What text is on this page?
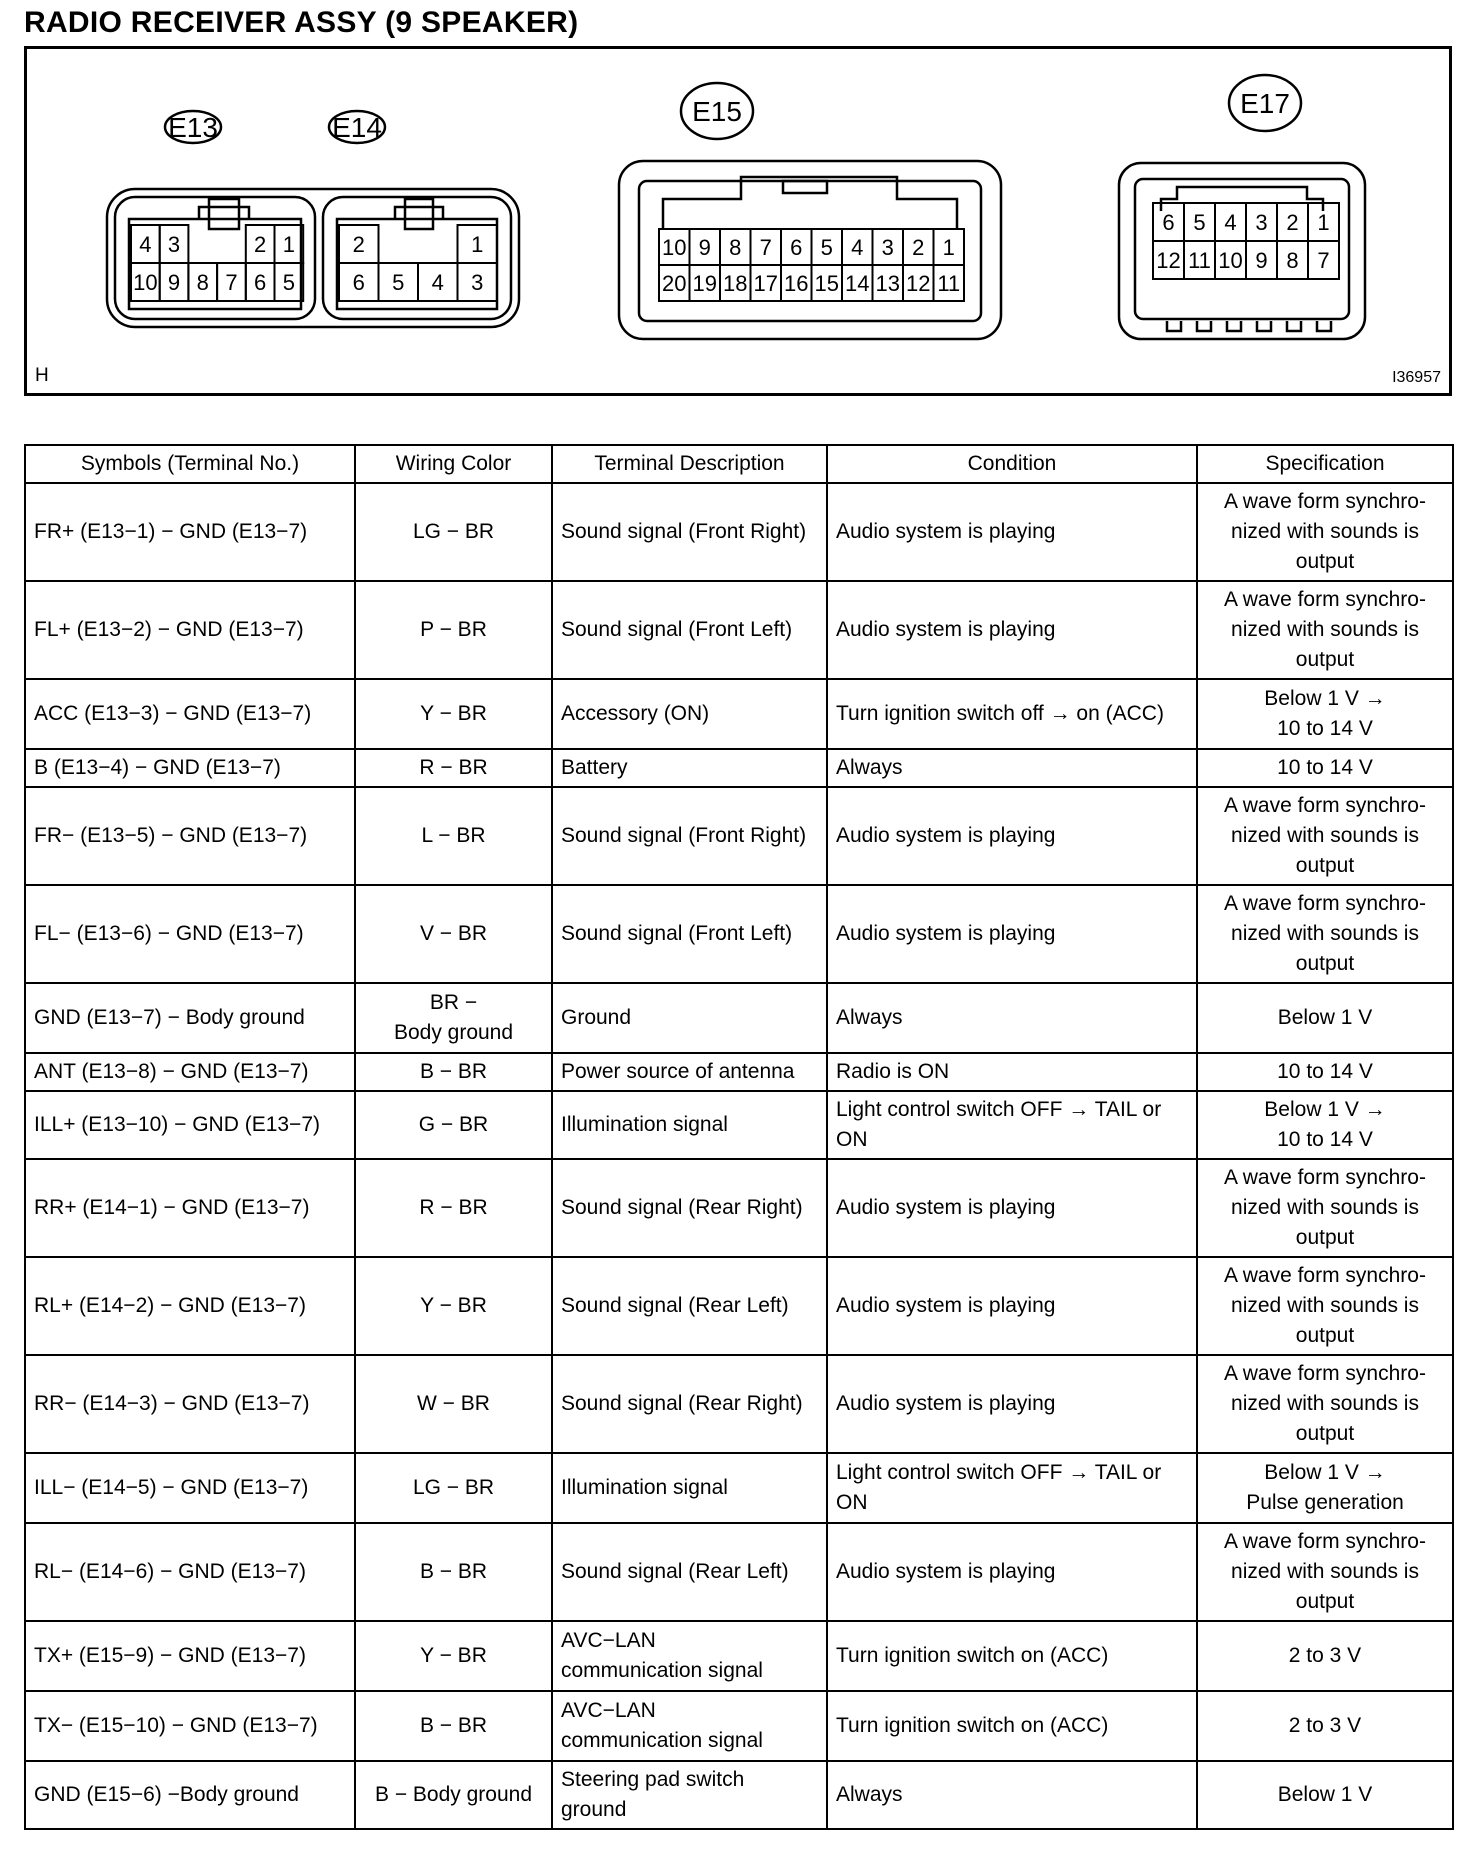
RADIO RECEIVER ASSY (9 SPEAKER)
4 3	2 1
10 9 8 7 6 5
2	1
6 5 4 3
10 9 8 7 6 5 4 3 2 1
20 19 18 17 16 15 14 13 12 11
6 5 4 3 2 1
12 11 10 9 8 7
E13	E14
E15	E17
H	I36957
Symbols (Terminal No.)	Wiring Color	Terminal Description	Condition	Specification
FR+ (E13−1) − GND (E13−7)	LG − BR	Sound signal (Front Right)	Audio system is playing	A wave form synchro-
nized with sounds is
output
FL+ (E13−2) − GND (E13−7)	P − BR	Sound signal (Front Left)	Audio system is playing	A wave form synchro-
nized with sounds is
output
ACC (E13−3) − GND (E13−7)	Y − BR	Accessory (ON)	Turn ignition switch off → on (ACC)	Below 1 V →
10 to 14 V
B (E13−4) − GND (E13−7)	R − BR	Battery	Always	10 to 14 V
FR− (E13−5) − GND (E13−7)	L − BR	Sound signal (Front Right)	Audio system is playing	A wave form synchro-
nized with sounds is
output
FL− (E13−6) − GND (E13−7)	V − BR	Sound signal (Front Left)	Audio system is playing	A wave form synchro-
nized with sounds is
output
GND (E13−7) − Body ground	BR −
Body ground	Ground	Always	Below 1 V
ANT (E13−8) − GND (E13−7)	B − BR	Power source of antenna	Radio is ON	10 to 14 V
ILL+ (E13−10) − GND (E13−7)	G − BR	Illumination signal	Light control switch OFF → TAIL or
ON	Below 1 V →
10 to 14 V
RR+ (E14−1) − GND (E13−7)	R − BR	Sound signal (Rear Right)	Audio system is playing	A wave form synchro-
nized with sounds is
output
RL+ (E14−2) − GND (E13−7)	Y − BR	Sound signal (Rear Left)	Audio system is playing	A wave form synchro-
nized with sounds is
output
RR− (E14−3) − GND (E13−7)	W − BR	Sound signal (Rear Right)	Audio system is playing	A wave form synchro-
nized with sounds is
output
ILL− (E14−5) − GND (E13−7)	LG − BR	Illumination signal	Light control switch OFF → TAIL or
ON	Below 1 V →
Pulse generation
RL− (E14−6) − GND (E13−7)	B − BR	Sound signal (Rear Left)	Audio system is playing	A wave form synchro-
nized with sounds is
output
TX+ (E15−9) − GND (E13−7)	Y − BR	AVC−LAN
communication signal	Turn ignition switch on (ACC)	2 to 3 V
TX− (E15−10) − GND (E13−7)	B − BR	AVC−LAN
communication signal	Turn ignition switch on (ACC)	2 to 3 V
GND (E15−6) −Body ground	B − Body ground	Steering pad switch
ground	Always	Below 1 V
